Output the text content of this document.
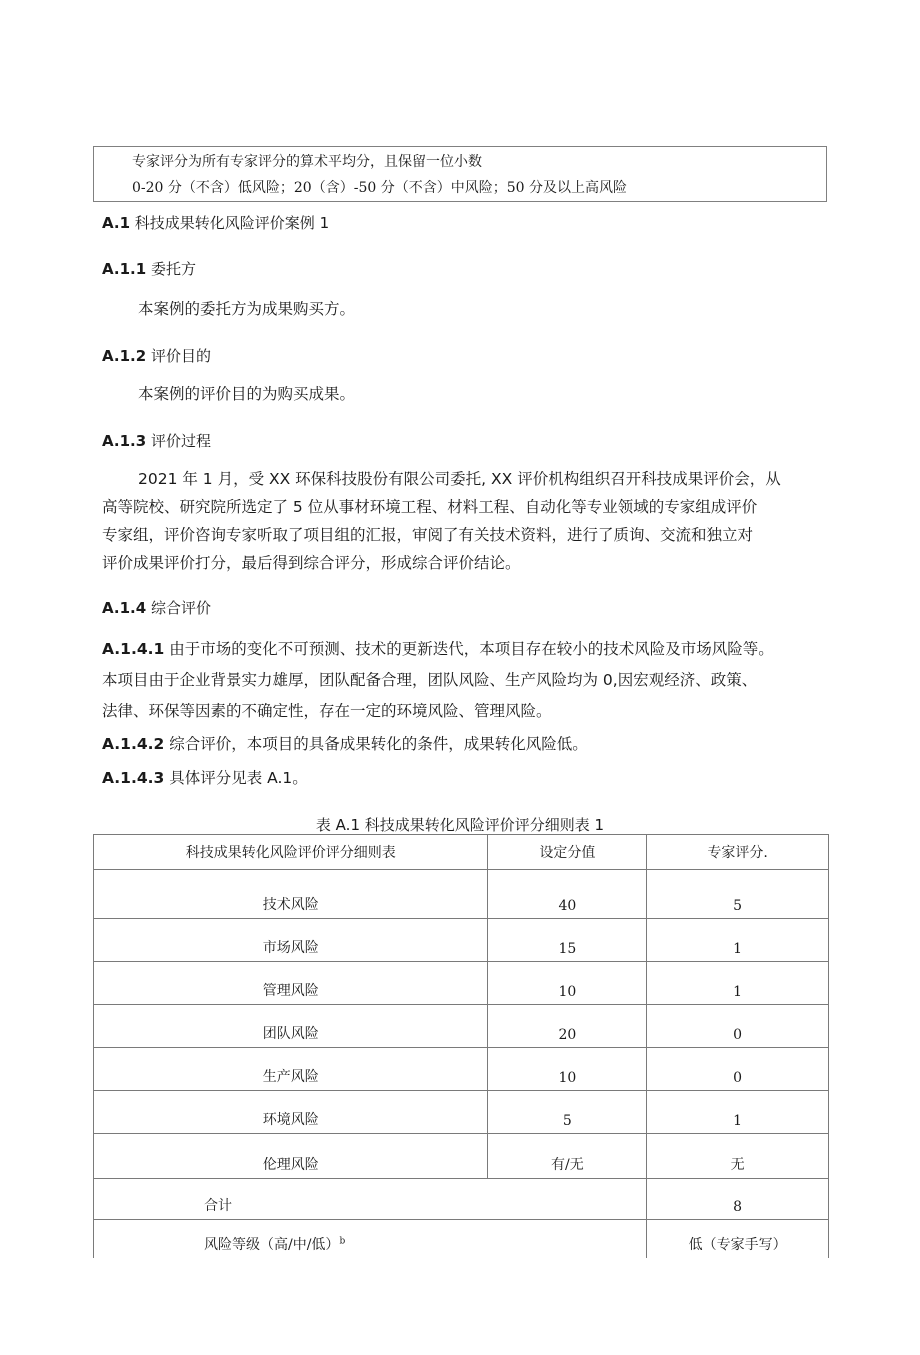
专家评分为所有专家评分的算术平均分，且保留一位小数
0-20 分（不含）低风险；20（含）-50 分（不含）中风险；50 分及以上高风险
A.1 科技成果转化风险评价案例 1
A.1.1 委托方
本案例的委托方为成果购买方。
A.1.2 评价目的
本案例的评价目的为购买成果。
A.1.3 评价过程
2021 年 1 月，受 XX 环保科技股份有限公司委托, XX 评价机构组织召开科技成果评价会，从
高等院校、研究院所选定了 5 位从事材环境工程、材料工程、自动化等专业领域的专家组成评价
专家组，评价咨询专家听取了项目组的汇报，审阅了有关技术资料，进行了质询、交流和独立对
评价成果评价打分，最后得到综合评分，形成综合评价结论。
A.1.4 综合评价
A.1.4.1 由于市场的变化不可预测、技术的更新迭代，本项目存在较小的技术风险及市场风险等。
本项目由于企业背景实力雄厚，团队配备合理，团队风险、生产风险均为 0,因宏观经济、政策、
法律、环保等因素的不确定性，存在一定的环境风险、管理风险。
A.1.4.2 综合评价，本项目的具备成果转化的条件，成果转化风险低。
A.1.4.3 具体评分见表 A.1。
表 A.1 科技成果转化风险评价评分细则表 1
科技成果转化风险评价评分细则表	设定分值	专家评分.
技术风险	40	5
市场风险	15	1
管理风险	10	1
团队风险	20	0
生产风险	10	0
环境风险	5	1
伦理风险	有/无	无
合计		8
风险等级（高/中/低）$^b$		低（专家手写）
